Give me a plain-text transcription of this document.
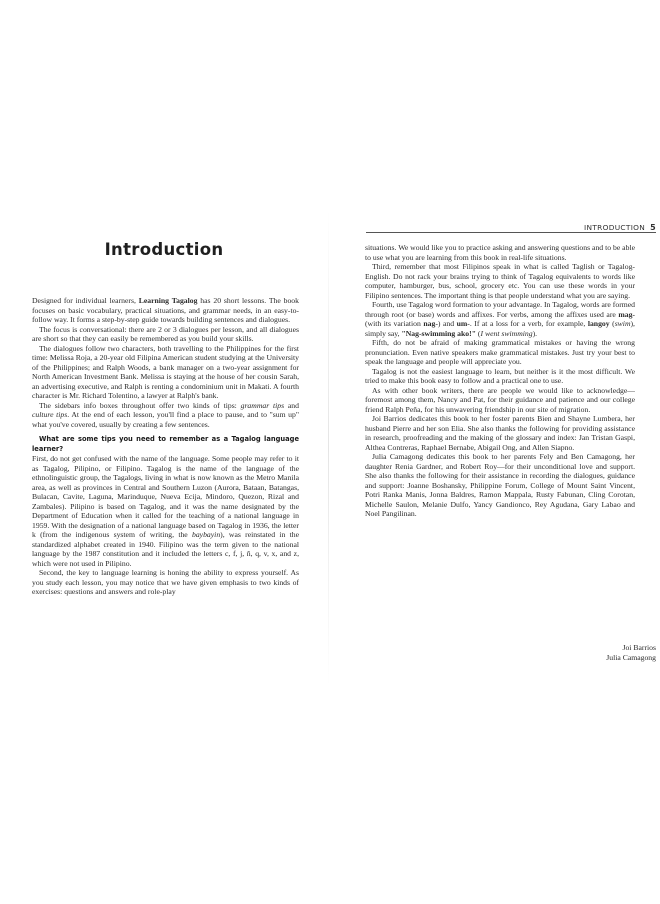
INTRODUCTION 5
Introduction

Designed for individual learners, Learning Tagalog has 20 short lessons. The book focuses on basic vocabulary, practical situations, and grammar needs, in an easy-to-follow way. It forms a step-by-step guide towards building sentences and dialogues.

The focus is conversational: there are 2 or 3 dialogues per lesson, and all dialogues are short so that they can easily be remembered as you build your skills.

The dialogues follow two characters, both travelling to the Philippines for the first time: Melissa Roja, a 20-year old Filipina American student studying at the University of the Philippines; and Ralph Woods, a bank manager on a two-year assignment for North American Investment Bank. Melissa is staying at the house of her cousin Sarah, an advertising executive, and Ralph is renting a condominium unit in Makati. A fourth character is Mr. Richard Tolentino, a lawyer at Ralph's bank.

The sidebars info boxes throughout offer two kinds of tips: grammar tips and culture tips. At the end of each lesson, you'll find a place to pause, and to "sum up" what you've covered, usually by creating a few sentences.

What are some tips you need to remember as a Tagalog language learner?

First, do not get confused with the name of the language. Some people may refer to it as Tagalog, Pilipino, or Filipino. Tagalog is the name of the language of the ethnolinguistic group, the Tagalogs, living in what is now known as the Metro Manila area, as well as provinces in Central and Southern Luzon (Aurora, Bataan, Batangas, Bulacan, Cavite, Laguna, Marinduque, Nueva Ecija, Mindoro, Quezon, Rizal and Zambales). Pilipino is based on Tagalog, and it was the name designated by the Department of Education when it called for the teaching of a national language in 1959. With the designation of a national language based on Tagalog in 1936, the letter k (from the indigenous system of writing, the baybayin), was reinstated in the standardized alphabet created in 1940. Filipino was the term given to the national language by the 1987 constitution and it included the letters c, f, j, ñ, q, v, x, and z, which were not used in Pilipino.

Second, the key to language learning is honing the ability to express yourself. As you study each lesson, you may notice that we have given emphasis to two kinds of exercises: questions and answers and role-play

situations. We would like you to practice asking and answering questions and to be able to use what you are learning from this book in real-life situations.

Third, remember that most Filipinos speak in what is called Taglish or Tagalog-English. Do not rack your brains trying to think of Tagalog equivalents to words like computer, hamburger, bus, school, grocery etc. You can use these words in your Filipino sentences. The important thing is that people understand what you are saying.

Fourth, use Tagalog word formation to your advantage. In Tagalog, words are formed through root (or base) words and affixes. For verbs, among the affixes used are mag- (with its variation nag-) and um-. If at a loss for a verb, for example, langoy (swim), simply say, "Nag-swimming ako!" (I went swimming).

Fifth, do not be afraid of making grammatical mistakes or having the wrong pronunciation. Even native speakers make grammatical mistakes. Just try your best to speak the language and people will appreciate you.

Tagalog is not the easiest language to learn, but neither is it the most difficult. We tried to make this book easy to follow and a practical one to use.

As with other book writers, there are people we would like to acknowledge—foremost among them, Nancy and Pat, for their guidance and patience and our college friend Ralph Peña, for his unwavering friendship in our site of migration.

Joi Barrios dedicates this book to her foster parents Bien and Shayne Lumbera, her husband Pierre and her son Elia. She also thanks the following for providing assistance in research, proofreading and the making of the glossary and index: Jan Tristan Gaspi, Althea Contreras, Raphael Bernabe, Abigail Ong, and Allen Siapno.

Julia Camagong dedicates this book to her parents Fely and Ben Camagong, her daughter Renia Gardner, and Robert Roy—for their unconditional love and support. She also thanks the following for their assistance in recording the dialogues, guidance and support: Joanne Boshansky, Philippine Forum, College of Mount Saint Vincent, Potri Ranka Manis, Jonna Baldres, Ramon Mappala, Rusty Fabunan, Cling Corotan, Michelle Saulon, Melanie Dulfo, Yancy Gandionco, Rey Agudana, Gary Labao and Noel Pangilinan.

Joi Barrios
Julia Camagong
